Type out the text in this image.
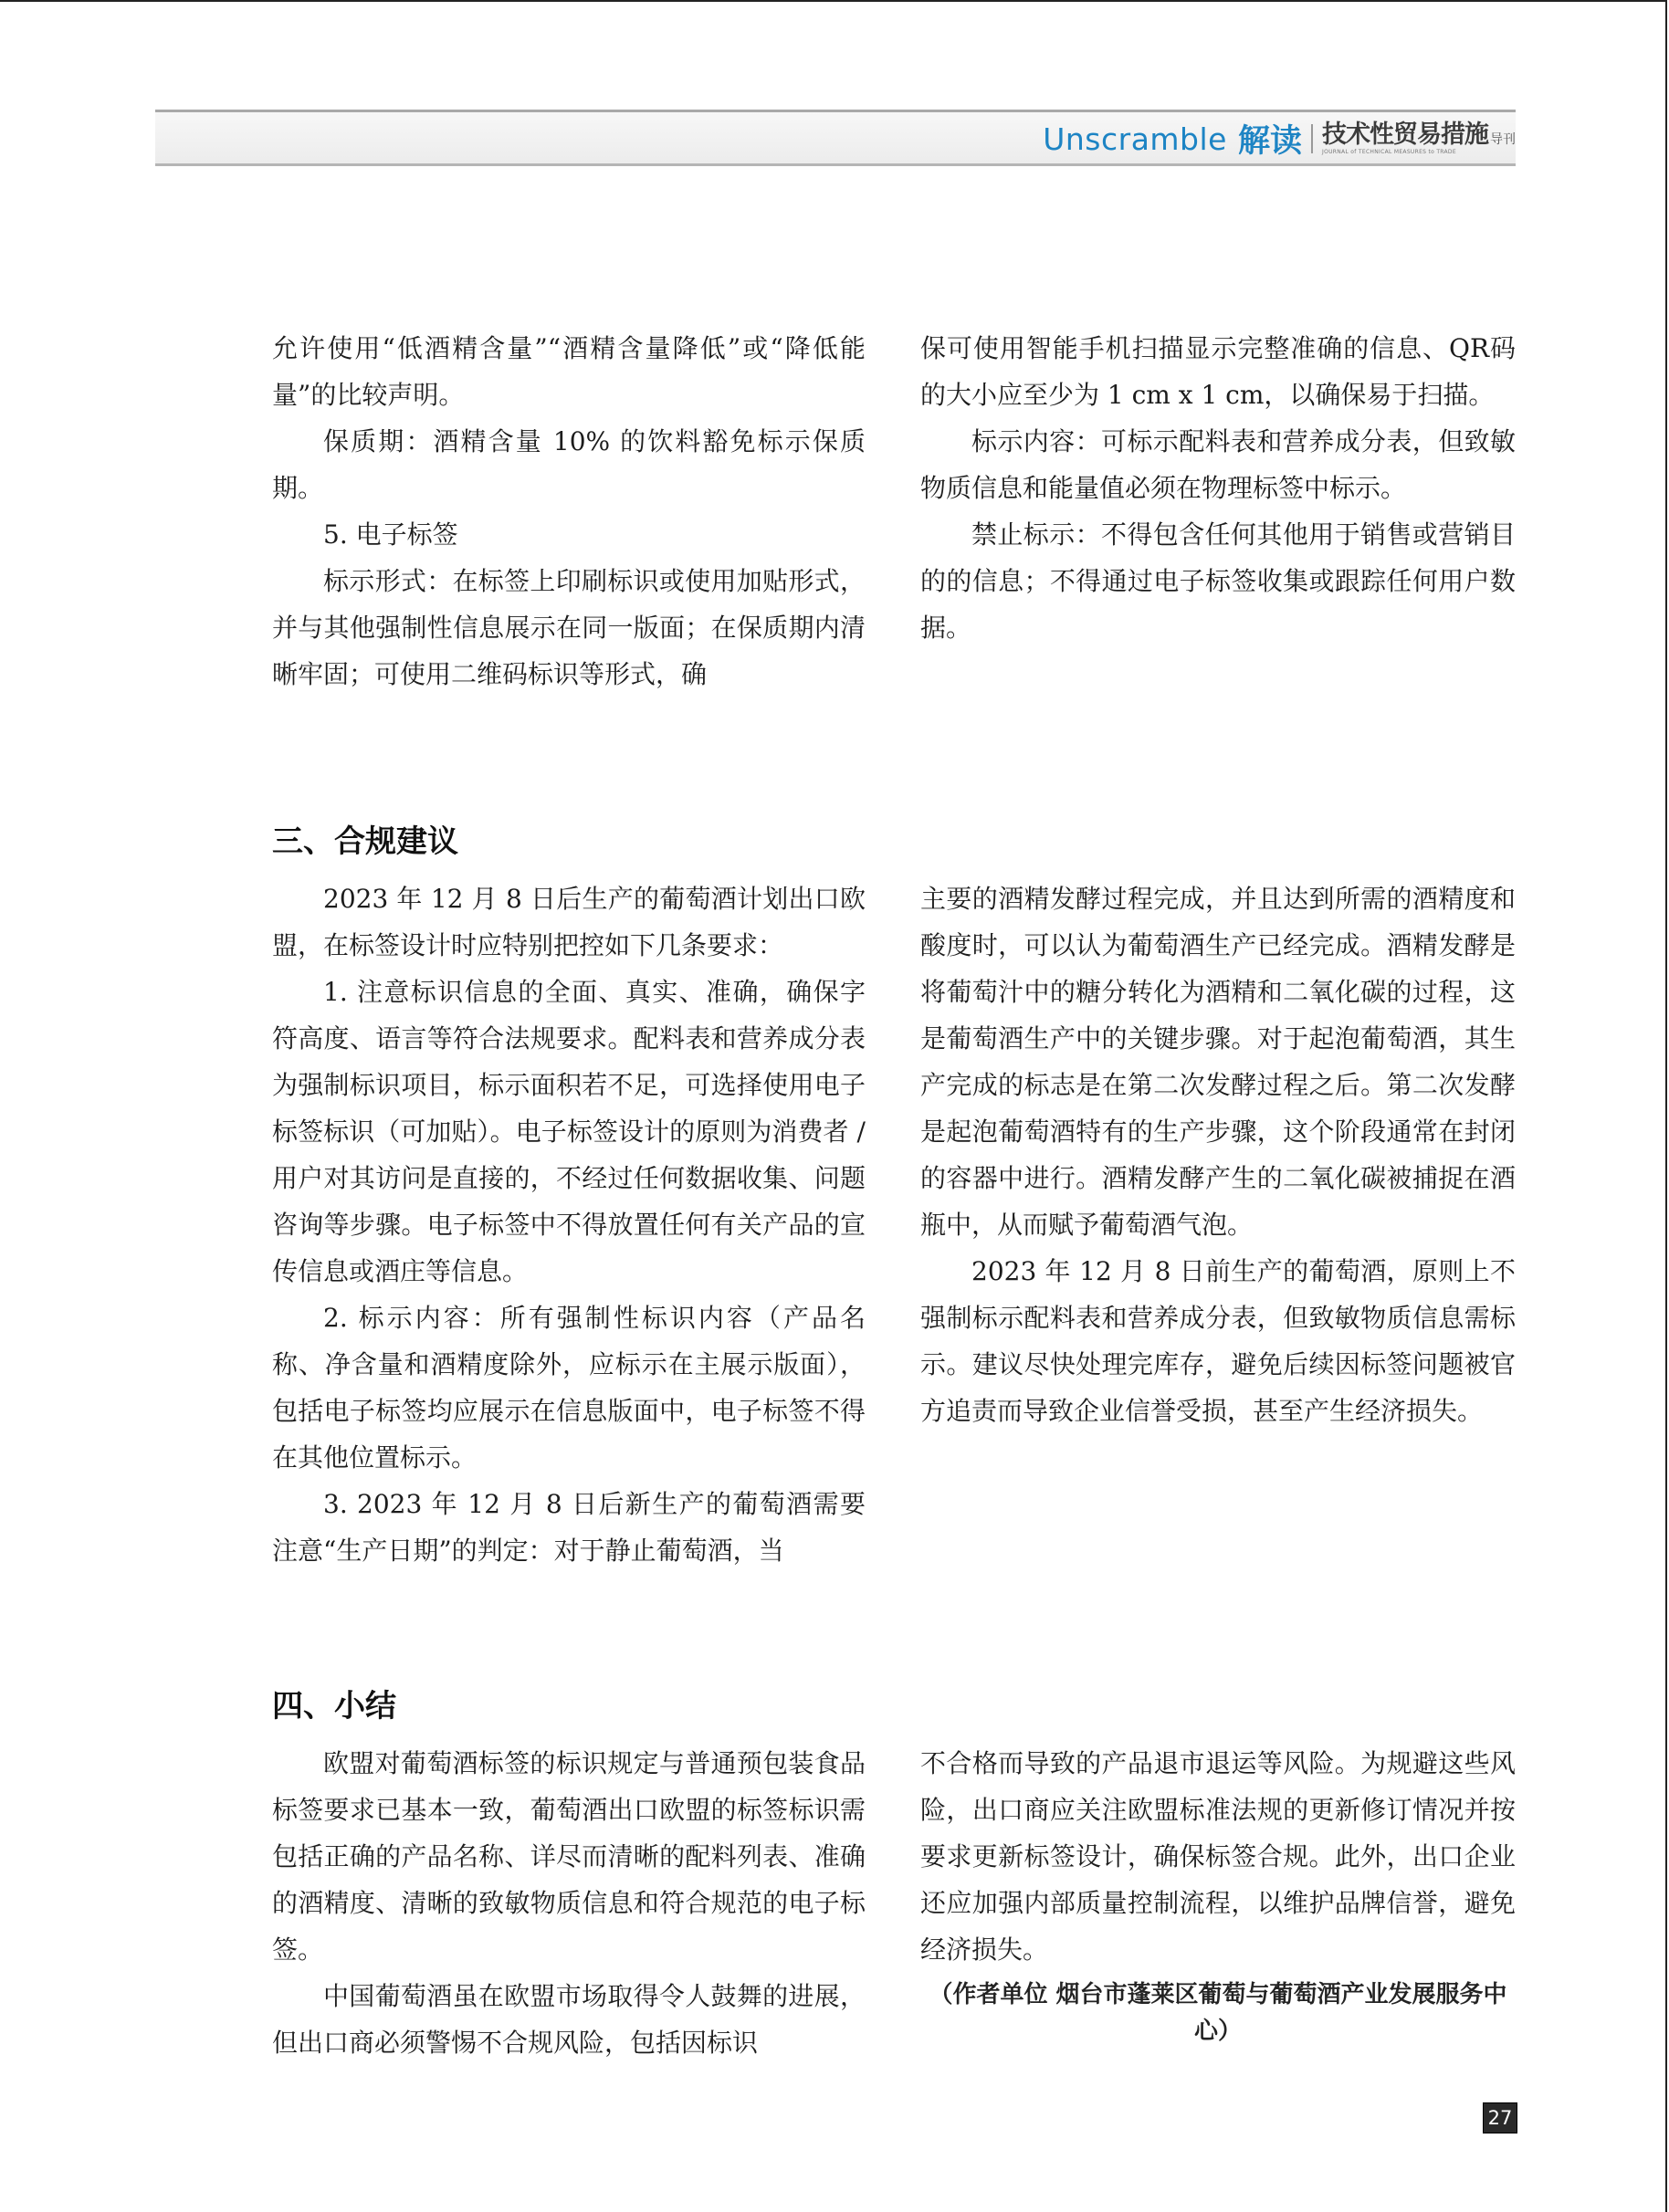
Unscramble 解读 技术性贸易措施 导刊
JOURNAL of TECHNICAL MEASURES to TRADE

允许使用“低酒精含量”“酒精含量降低”或“降低能量”的比较声明。

保质期：酒精含量 10% 的饮料豁免标示保质期。

5. 电子标签

标示形式：在标签上印刷标识或使用加贴形式，并与其他强制性信息展示在同一版面；在保质期内清晰牢固；可使用二维码标识等形式，确

保可使用智能手机扫描显示完整准确的信息、QR码的大小应至少为 1 cm x 1 cm，以确保易于扫描。

标示内容：可标示配料表和营养成分表，但致敏物质信息和能量值必须在物理标签中标示。

禁止标示：不得包含任何其他用于销售或营销目的的信息；不得通过电子标签收集或跟踪任何用户数据。

三、合规建议

2023 年 12 月 8 日后生产的葡萄酒计划出口欧盟，在标签设计时应特别把控如下几条要求：

1. 注意标识信息的全面、真实、准确，确保字符高度、语言等符合法规要求。配料表和营养成分表为强制标识项目，标示面积若不足，可选择使用电子标签标识（可加贴）。电子标签设计的原则为消费者 / 用户对其访问是直接的，不经过任何数据收集、问题咨询等步骤。电子标签中不得放置任何有关产品的宣传信息或酒庄等信息。

2. 标示内容：所有强制性标识内容（产品名称、净含量和酒精度除外，应标示在主展示版面），包括电子标签均应展示在信息版面中，电子标签不得在其他位置标示。

3. 2023 年 12 月 8 日后新生产的葡萄酒需要注意“生产日期”的判定：对于静止葡萄酒，当

主要的酒精发酵过程完成，并且达到所需的酒精度和酸度时，可以认为葡萄酒生产已经完成。酒精发酵是将葡萄汁中的糖分转化为酒精和二氧化碳的过程，这是葡萄酒生产中的关键步骤。对于起泡葡萄酒，其生产完成的标志是在第二次发酵过程之后。第二次发酵是起泡葡萄酒特有的生产步骤，这个阶段通常在封闭的容器中进行。酒精发酵产生的二氧化碳被捕捉在酒瓶中，从而赋予葡萄酒气泡。

2023 年 12 月 8 日前生产的葡萄酒，原则上不强制标示配料表和营养成分表，但致敏物质信息需标示。建议尽快处理完库存，避免后续因标签问题被官方追责而导致企业信誉受损，甚至产生经济损失。

四、小结

欧盟对葡萄酒标签的标识规定与普通预包装食品标签要求已基本一致，葡萄酒出口欧盟的标签标识需包括正确的产品名称、详尽而清晰的配料列表、准确的酒精度、清晰的致敏物质信息和符合规范的电子标签。

中国葡萄酒虽在欧盟市场取得令人鼓舞的进展，但出口商必须警惕不合规风险，包括因标识

不合格而导致的产品退市退运等风险。为规避这些风险，出口商应关注欧盟标准法规的更新修订情况并按要求更新标签设计，确保标签合规。此外，出口企业还应加强内部质量控制流程，以维护品牌信誉，避免经济损失。

（作者单位 烟台市蓬莱区葡萄与葡萄酒产业发展服务中心）
27
